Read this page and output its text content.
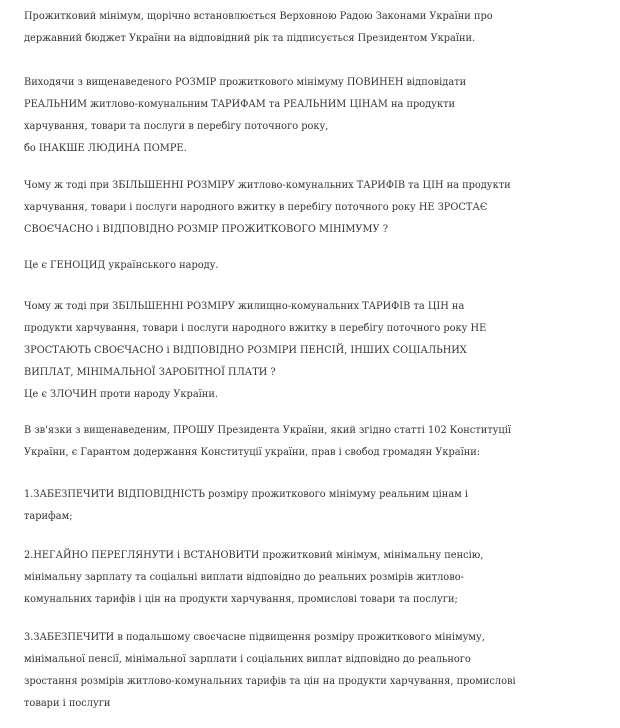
Прожитковий мінімум, щорічно встановлюється Верховною Радою Законами України про
державний бюджет України на відповідний рік та підписується Президентом України.

Виходячи з вищенаведеного РОЗМІР прожиткового мінімуму ПОВИНЕН відповідати
РЕАЛЬНИМ житлово-комунальним ТАРИФАМ та РЕАЛЬНИМ ЦІНАМ на продукти
харчування, товари та послуги в перебігу поточного року,
бо ІНАКШЕ ЛЮДИНА ПОМРЕ.

Чому ж тоді при ЗБІЛЬШЕННІ РОЗМІРУ житлово-комунальних ТАРИФІВ та ЦІН на продукти
харчування, товари і послуги народного вжитку в перебігу поточного року НЕ ЗРОСТАЄ
СВОЄЧАСНО і ВІДПОВІДНО РОЗМІР ПРОЖИТКОВОГО МІНІМУМУ ?

Це є ГЕНОЦИД українського народу.

Чому ж тоді при ЗБІЛЬШЕННІ РОЗМІРУ жилищно-комунальних ТАРИФІВ та ЦІН на
продукти харчування, товари і послуги народного вжитку в перебігу поточного року НЕ
ЗРОСТАЮТЬ СВОЄЧАСНО і ВІДПОВІДНО РОЗМІРИ ПЕНСІЙ, ІНШИХ СОЦІАЛЬНИХ
ВИПЛАТ, МІНІМАЛЬНОЇ ЗАРОБІТНОЇ ПЛАТИ ?
Це є ЗЛОЧИН проти народу України.

В зв'язки з вищенаведеним, ПРОШУ Президента України, який згідно статті 102 Конституції
України, є Гарантом додержання Конституції україни, прав і свобод громадян України:

1.ЗАБЕЗПЕЧИТИ ВІДПОВІДНІСТЬ розміру прожиткового мінімуму реальним цінам і
тарифам;

2.НЕГАЙНО ПЕРЕГЛЯНУТИ і ВСТАНОВИТИ прожитковий мінімум, мінімальну пенсію,
мінімальну зарплату та соціальні виплати відповідно до реальних розмірів житлово-
комунальних тарифів і цін на продукти харчування, промислові товари та послуги;

3.ЗАБЕЗПЕЧИТИ в подальшому своєчасне підвищення розміру прожиткового мінімуму,
мінімальної пенсії, мінімальної зарплати і соціальних виплат відповідно до реального
зростання розмірів житлово-комунальних тарифів та цін на продукти харчування, промислові
товари і послуги
